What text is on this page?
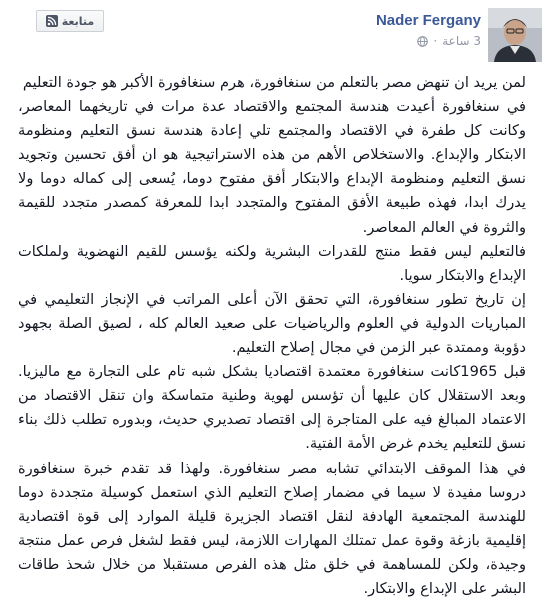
متابعة	Nader Fergany
3 ساعة
·

لمن يريد ان تنهض مصر بالتعلم من سنغافورة، هرم سنغافورة الأكبر هو جودة التعليم

في سنغافورة أعيدت هندسة المجتمع والاقتصاد عدة مرات في تاريخهما المعاصر، وكانت كل طفرة في الاقتصاد والمجتمع تلي إعادة هندسة نسق التعليم ومنظومة الابتكار والإبداع. والاستخلاص الأهم من هذه الاستراتيجية هو ان أفق تحسين وتجويد نسق التعليم ومنظومة الإبداع والابتكار أفق مفتوح دوما، يُسعى إلى كماله دوما ولا يدرك ابدا، فهذه طبيعة الأفق المفتوح والمتجدد ابدا للمعرفة كمصدر متجدد للقيمة والثروة في العالم المعاصر.

فالتعليم ليس فقط منتج للقدرات البشرية ولكنه يؤسس للقيم النهضوية ولملكات الإبداع والابتكار سويا.

إن تاريخ تطور سنغافورة، التي تحقق الآن أعلى المراتب في الإنجاز التعليمي في المباريات الدولية في العلوم والرياضيات على صعيد العالم كله ، لصيق الصلة بجهود دؤوبة وممتدة عبر الزمن في مجال إصلاح التعليم.

قبل 1965كانت سنغافورة معتمدة اقتصاديا بشكل شبه تام على التجارة مع ماليزيا. وبعد الاستقلال كان عليها أن تؤسس لهوية وطنية متماسكة وان تنقل الاقتصاد من الاعتماد المبالغ فيه على المتاجرة إلى اقتصاد تصديري حديث، وبدوره تطلب ذلك بناء نسق للتعليم يخدم غرض الأمة الفتية.

في هذا الموقف الابتدائي تشابه مصر سنغافورة. ولهذا قد تقدم خبرة سنغافورة دروسا مفيدة لا سيما في مضمار إصلاح التعليم الذي استعمل كوسيلة متجددة دوما للهندسة المجتمعية الهادفة لنقل اقتصاد الجزيرة قليلة الموارد إلى قوة اقتصادية إقليمية بازغة وقوة عمل تمتلك المهارات اللازمة، ليس فقط لشغل فرص عمل منتجة وجيدة، ولكن للمساهمة في خلق مثل هذه الفرص مستقبلا من خلال شحذ طاقات البشر على الإبداع والابتكار.
